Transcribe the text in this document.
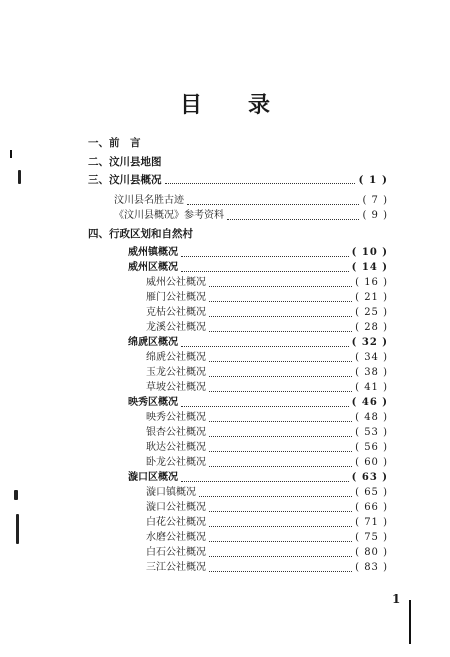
目 录
一、前　言
二、汶川县地图
三、汶川县概况	( 1 )
汶川县名胜古迹	( 7 )
《汶川县概况》参考资料	( 9 )
四、行政区划和自然村
威州镇概况	( 10 )
威州区概况	( 14 )
威州公社概况	( 16 )
雁门公社概况	( 21 )
克枯公社概况	( 25 )
龙溪公社概况	( 28 )
绵虒区概况	( 32 )
绵虒公社概况	( 34 )
玉龙公社概况	( 38 )
草坡公社概况	( 41 )
映秀区概况	( 46 )
映秀公社概况	( 48 )
银杏公社概况	( 53 )
耿达公社概况	( 56 )
卧龙公社概况	( 60 )
漩口区概况	( 63 )
漩口镇概况	( 65 )
漩口公社概况	( 66 )
白花公社概况	( 71 )
水磨公社概况	( 75 )
白石公社概况	( 80 )
三江公社概况	( 83 )
1
